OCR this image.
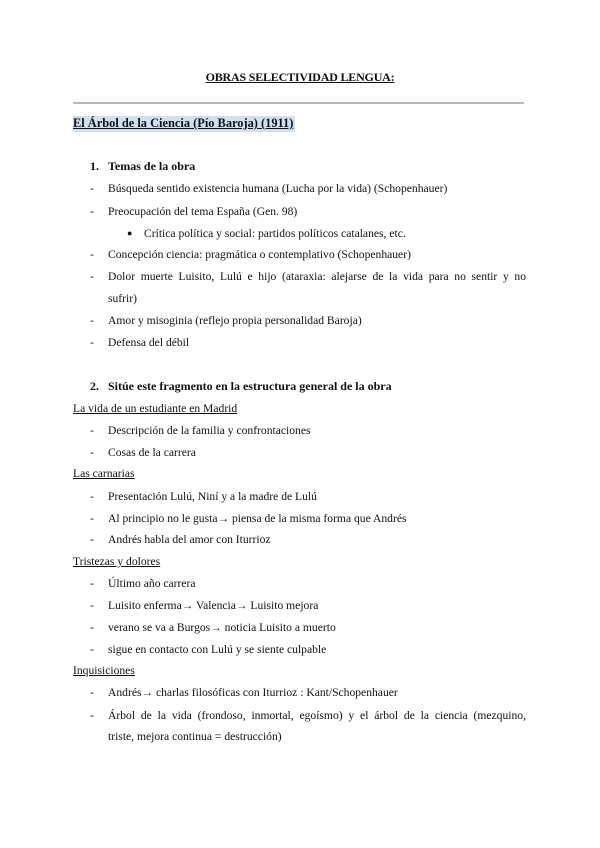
OBRAS SELECTIVIDAD LENGUA:
El Árbol de la Ciencia (Pío Baroja) (1911)
1. Temas de la obra
- Búsqueda sentido existencia humana (Lucha por la vida) (Schopenhauer)
- Preocupación del tema España (Gen. 98)
● Crítica política y social: partidos políticos catalanes, etc.
- Concepción ciencia: pragmática o contemplativo (Schopenhauer)
- Dolor muerte Luisito, Lulú e hijo (ataraxia: alejarse de la vida para no sentir y no
sufrir)
- Amor y misoginia (reflejo propia personalidad Baroja)
- Defensa del débil
2. Sitúe este fragmento en la estructura general de la obra
La vida de un estudiante en Madrid
- Descripción de la familia y confrontaciones
- Cosas de la carrera
Las carnarias
- Presentación Lulú, Niní y a la madre de Lulú
- Al principio no le gusta→ piensa de la misma forma que Andrés
- Andrés habla del amor con Iturrioz
Tristezas y dolores
- Último año carrera
- Luisito enferma→ Valencia→ Luisito mejora
- verano se va a Burgos→ noticia Luisito a muerto
- sigue en contacto con Lulú y se siente culpable
Inquisiciones
- Andrés→ charlas filosóficas con Iturrioz : Kant/Schopenhauer
- Árbol de la vida (frondoso, inmortal, egoísmo) y el árbol de la ciencia (mezquino,
triste, mejora continua = destrucción)
